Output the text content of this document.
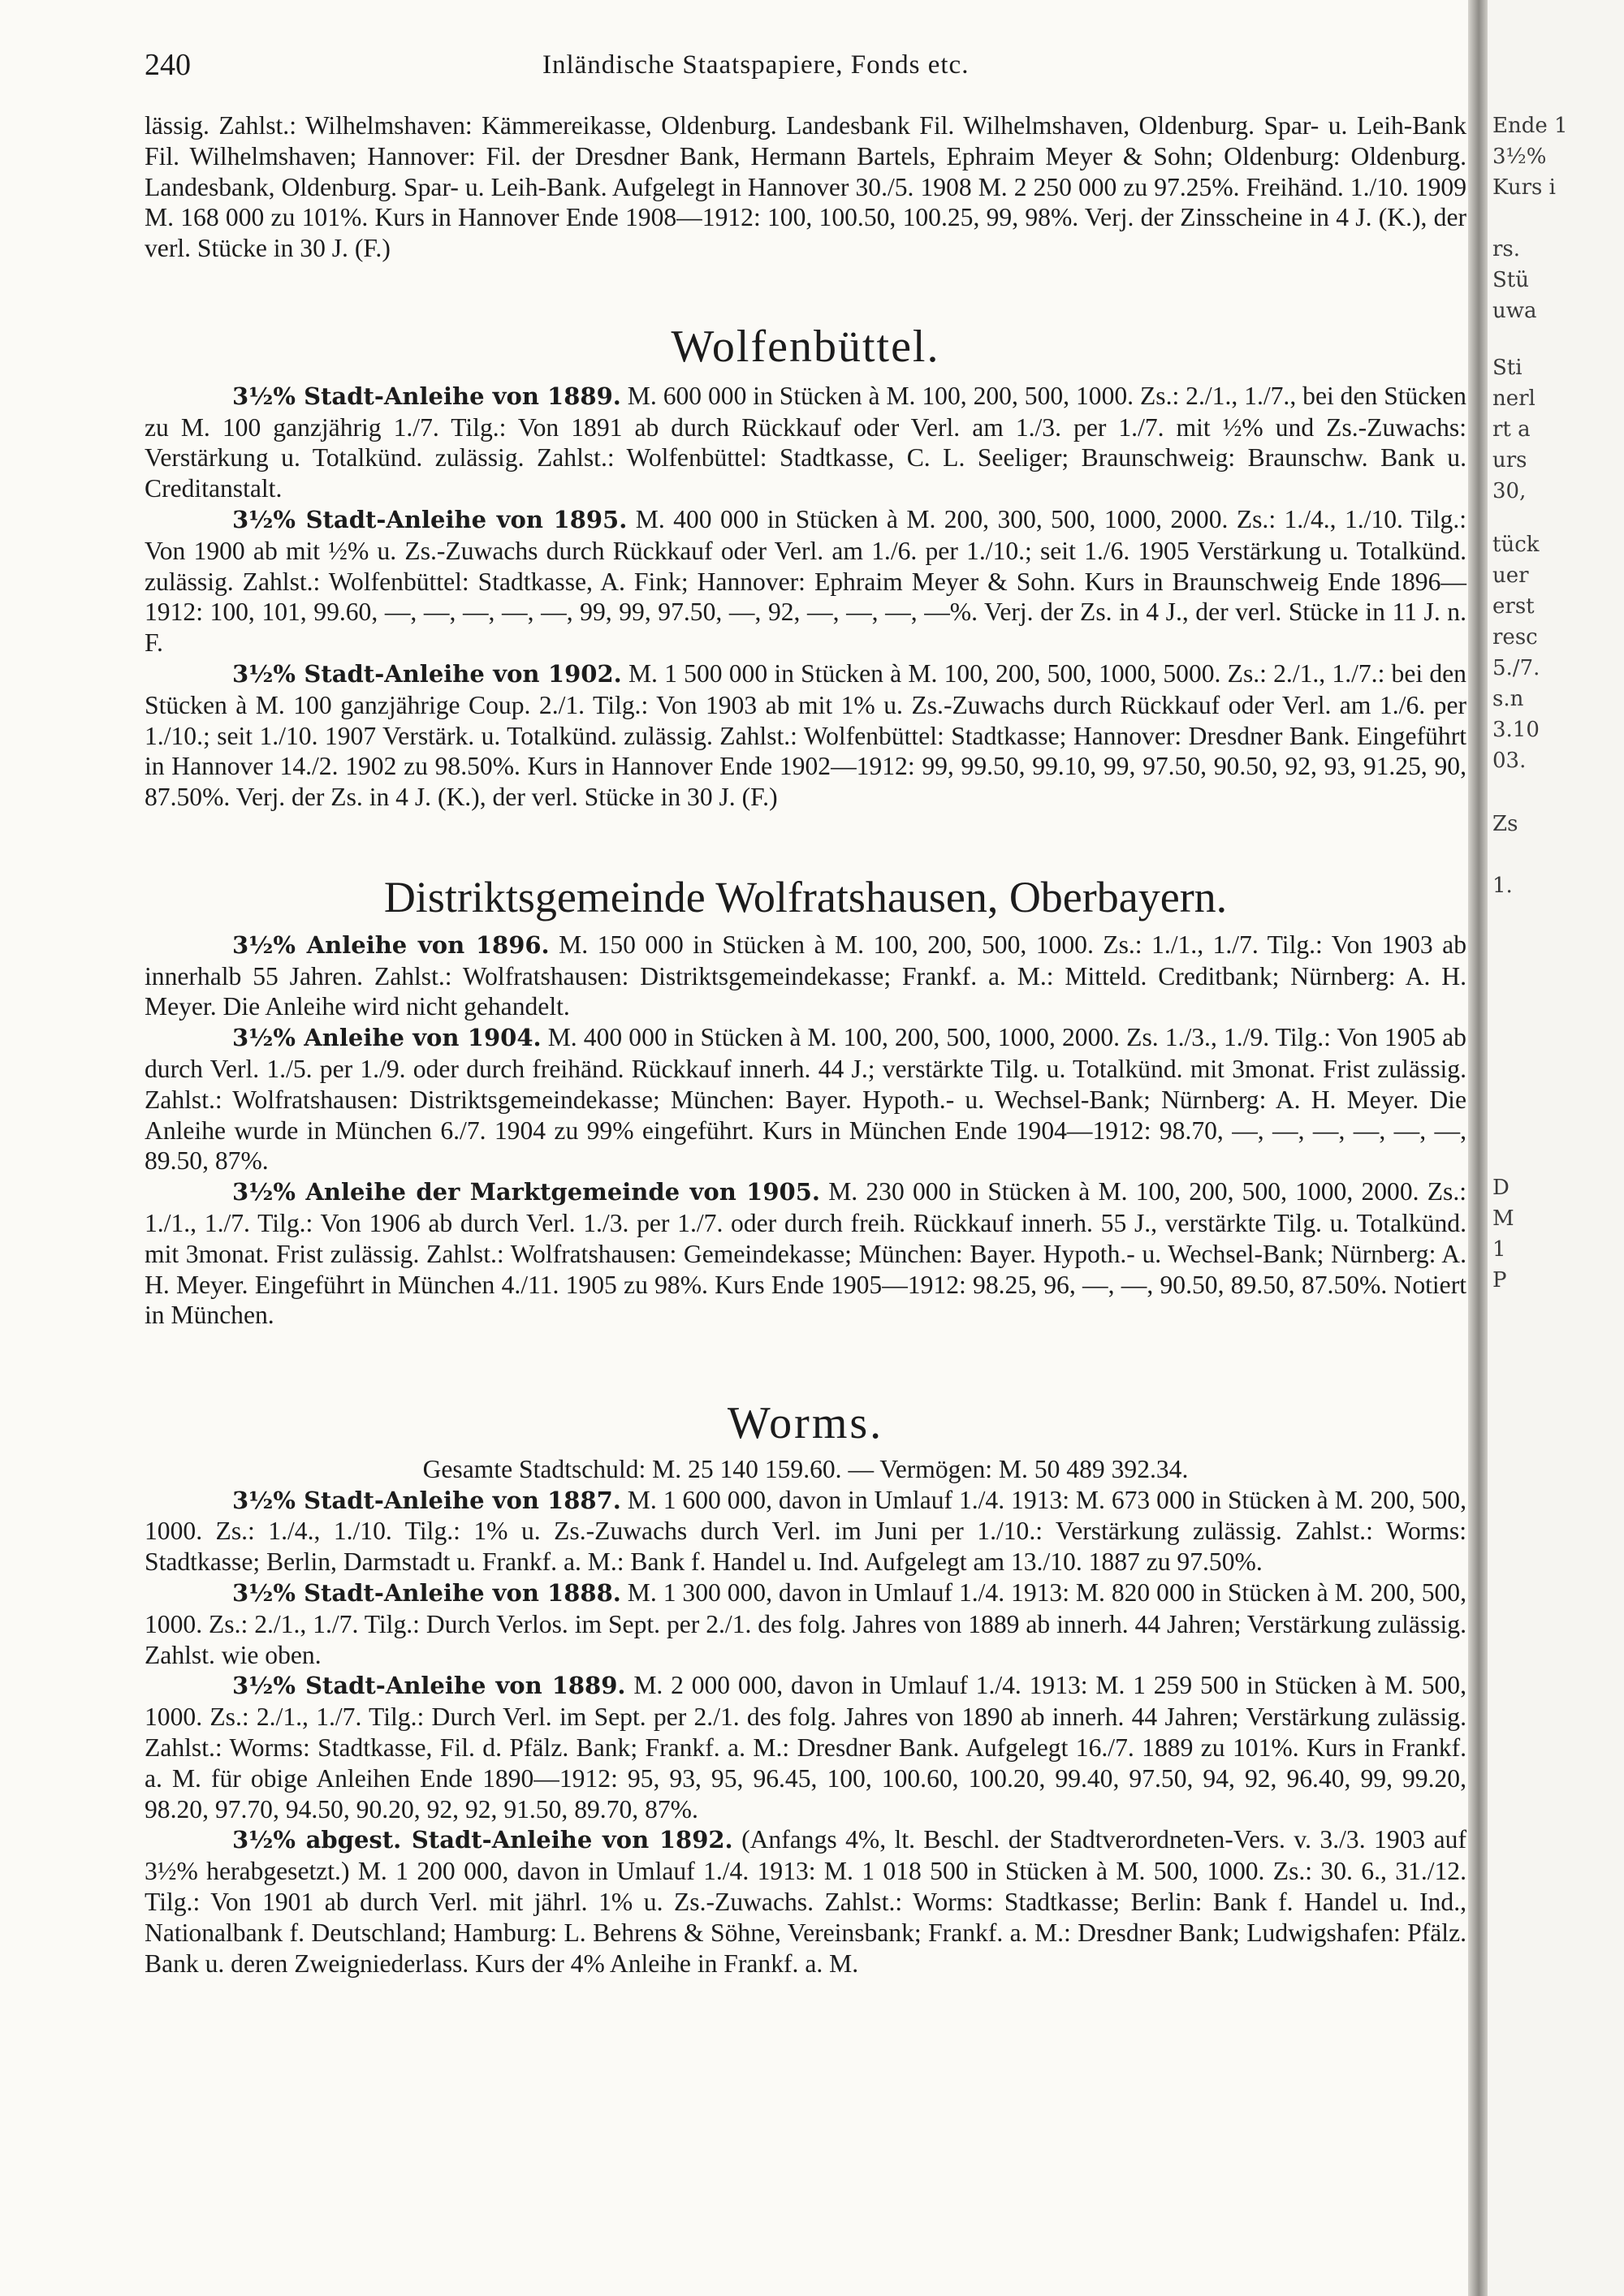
240	Inländische Staatspapiere, Fonds etc.

lässig. Zahlst.: Wilhelmshaven: Kämmereikasse, Oldenburg. Landesbank Fil. Wilhelmshaven, Oldenburg. Spar- u. Leih-Bank Fil. Wilhelmshaven; Hannover: Fil. der Dresdner Bank, Hermann Bartels, Ephraim Meyer & Sohn; Oldenburg: Oldenburg. Landesbank, Oldenburg. Spar- u. Leih-Bank. Aufgelegt in Hannover 30./5. 1908 M. 2 250 000 zu 97.25%. Freihänd. 1./10. 1909 M. 168 000 zu 101%. Kurs in Hannover Ende 1908—1912: 100, 100.50, 100.25, 99, 98%. Verj. der Zinsscheine in 4 J. (K.), der verl. Stücke in 30 J. (F.)

Wolfenbüttel.

3½% Stadt-Anleihe von 1889. M. 600 000 in Stücken à M. 100, 200, 500, 1000. Zs.: 2./1., 1./7., bei den Stücken zu M. 100 ganzjährig 1./7. Tilg.: Von 1891 ab durch Rückkauf oder Verl. am 1./3. per 1./7. mit ½% und Zs.-Zuwachs: Verstärkung u. Totalkünd. zulässig. Zahlst.: Wolfenbüttel: Stadtkasse, C. L. Seeliger; Braunschweig: Braunschw. Bank u. Creditanstalt.

3½% Stadt-Anleihe von 1895. M. 400 000 in Stücken à M. 200, 300, 500, 1000, 2000. Zs.: 1./4., 1./10. Tilg.: Von 1900 ab mit ½% u. Zs.-Zuwachs durch Rückkauf oder Verl. am 1./6. per 1./10.; seit 1./6. 1905 Verstärkung u. Totalkünd. zulässig. Zahlst.: Wolfenbüttel: Stadtkasse, A. Fink; Hannover: Ephraim Meyer & Sohn. Kurs in Braunschweig Ende 1896—1912: 100, 101, 99.60, —, —, —, —, —, 99, 99, 97.50, —, 92, —, —, —, —%. Verj. der Zs. in 4 J., der verl. Stücke in 11 J. n. F.

3½% Stadt-Anleihe von 1902. M. 1 500 000 in Stücken à M. 100, 200, 500, 1000, 5000. Zs.: 2./1., 1./7.: bei den Stücken à M. 100 ganzjährige Coup. 2./1. Tilg.: Von 1903 ab mit 1% u. Zs.-Zuwachs durch Rückkauf oder Verl. am 1./6. per 1./10.; seit 1./10. 1907 Verstärk. u. Totalkünd. zulässig. Zahlst.: Wolfenbüttel: Stadtkasse; Hannover: Dresdner Bank. Eingeführt in Hannover 14./2. 1902 zu 98.50%. Kurs in Hannover Ende 1902—1912: 99, 99.50, 99.10, 99, 97.50, 90.50, 92, 93, 91.25, 90, 87.50%. Verj. der Zs. in 4 J. (K.), der verl. Stücke in 30 J. (F.)

Distriktsgemeinde Wolfratshausen, Oberbayern.

3½% Anleihe von 1896. M. 150 000 in Stücken à M. 100, 200, 500, 1000. Zs.: 1./1., 1./7. Tilg.: Von 1903 ab innerhalb 55 Jahren. Zahlst.: Wolfratshausen: Distriktsgemeindekasse; Frankf. a. M.: Mitteld. Creditbank; Nürnberg: A. H. Meyer. Die Anleihe wird nicht gehandelt.

3½% Anleihe von 1904. M. 400 000 in Stücken à M. 100, 200, 500, 1000, 2000. Zs. 1./3., 1./9. Tilg.: Von 1905 ab durch Verl. 1./5. per 1./9. oder durch freihänd. Rückkauf innerh. 44 J.; verstärkte Tilg. u. Totalkünd. mit 3monat. Frist zulässig. Zahlst.: Wolfratshausen: Distriktsgemeindekasse; München: Bayer. Hypoth.- u. Wechsel-Bank; Nürnberg: A. H. Meyer. Die Anleihe wurde in München 6./7. 1904 zu 99% eingeführt. Kurs in München Ende 1904—1912: 98.70, —, —, —, —, —, —, 89.50, 87%.

3½% Anleihe der Marktgemeinde von 1905. M. 230 000 in Stücken à M. 100, 200, 500, 1000, 2000. Zs.: 1./1., 1./7. Tilg.: Von 1906 ab durch Verl. 1./3. per 1./7. oder durch freih. Rückkauf innerh. 55 J., verstärkte Tilg. u. Totalkünd. mit 3monat. Frist zulässig. Zahlst.: Wolfratshausen: Gemeindekasse; München: Bayer. Hypoth.- u. Wechsel-Bank; Nürnberg: A. H. Meyer. Eingeführt in München 4./11. 1905 zu 98%. Kurs Ende 1905—1912: 98.25, 96, —, —, 90.50, 89.50, 87.50%. Notiert in München.

Worms.

Gesamte Stadtschuld: M. 25 140 159.60. — Vermögen: M. 50 489 392.34.

3½% Stadt-Anleihe von 1887. M. 1 600 000, davon in Umlauf 1./4. 1913: M. 673 000 in Stücken à M. 200, 500, 1000. Zs.: 1./4., 1./10. Tilg.: 1% u. Zs.-Zuwachs durch Verl. im Juni per 1./10.: Verstärkung zulässig. Zahlst.: Worms: Stadtkasse; Berlin, Darmstadt u. Frankf. a. M.: Bank f. Handel u. Ind. Aufgelegt am 13./10. 1887 zu 97.50%.

3½% Stadt-Anleihe von 1888. M. 1 300 000, davon in Umlauf 1./4. 1913: M. 820 000 in Stücken à M. 200, 500, 1000. Zs.: 2./1., 1./7. Tilg.: Durch Verlos. im Sept. per 2./1. des folg. Jahres von 1889 ab innerh. 44 Jahren; Verstärkung zulässig. Zahlst. wie oben.

3½% Stadt-Anleihe von 1889. M. 2 000 000, davon in Umlauf 1./4. 1913: M. 1 259 500 in Stücken à M. 500, 1000. Zs.: 2./1., 1./7. Tilg.: Durch Verl. im Sept. per 2./1. des folg. Jahres von 1890 ab innerh. 44 Jahren; Verstärkung zulässig. Zahlst.: Worms: Stadtkasse, Fil. d. Pfälz. Bank; Frankf. a. M.: Dresdner Bank. Aufgelegt 16./7. 1889 zu 101%. Kurs in Frankf. a. M. für obige Anleihen Ende 1890—1912: 95, 93, 95, 96.45, 100, 100.60, 100.20, 99.40, 97.50, 94, 92, 96.40, 99, 99.20, 98.20, 97.70, 94.50, 90.20, 92, 92, 91.50, 89.70, 87%.

3½% abgest. Stadt-Anleihe von 1892. (Anfangs 4%, lt. Beschl. der Stadtverordneten-Vers. v. 3./3. 1903 auf 3½% herabgesetzt.) M. 1 200 000, davon in Umlauf 1./4. 1913: M. 1 018 500 in Stücken à M. 500, 1000. Zs.: 30. 6., 31./12. Tilg.: Von 1901 ab durch Verl. mit jährl. 1% u. Zs.-Zuwachs. Zahlst.: Worms: Stadtkasse; Berlin: Bank f. Handel u. Ind., Nationalbank f. Deutschland; Hamburg: L. Behrens & Söhne, Vereinsbank; Frankf. a. M.: Dresdner Bank; Ludwigshafen: Pfälz. Bank u. deren Zweigniederlass. Kurs der 4% Anleihe in Frankf. a. M.

Ende 1
3½%
Kurs i
rs.
Stü
uwa
Sti
nerl
rt a
urs
30,
tück
uer
erst
resc
5./7.
s.n
3.10
03.
Zs
1.
D
M
1
P
